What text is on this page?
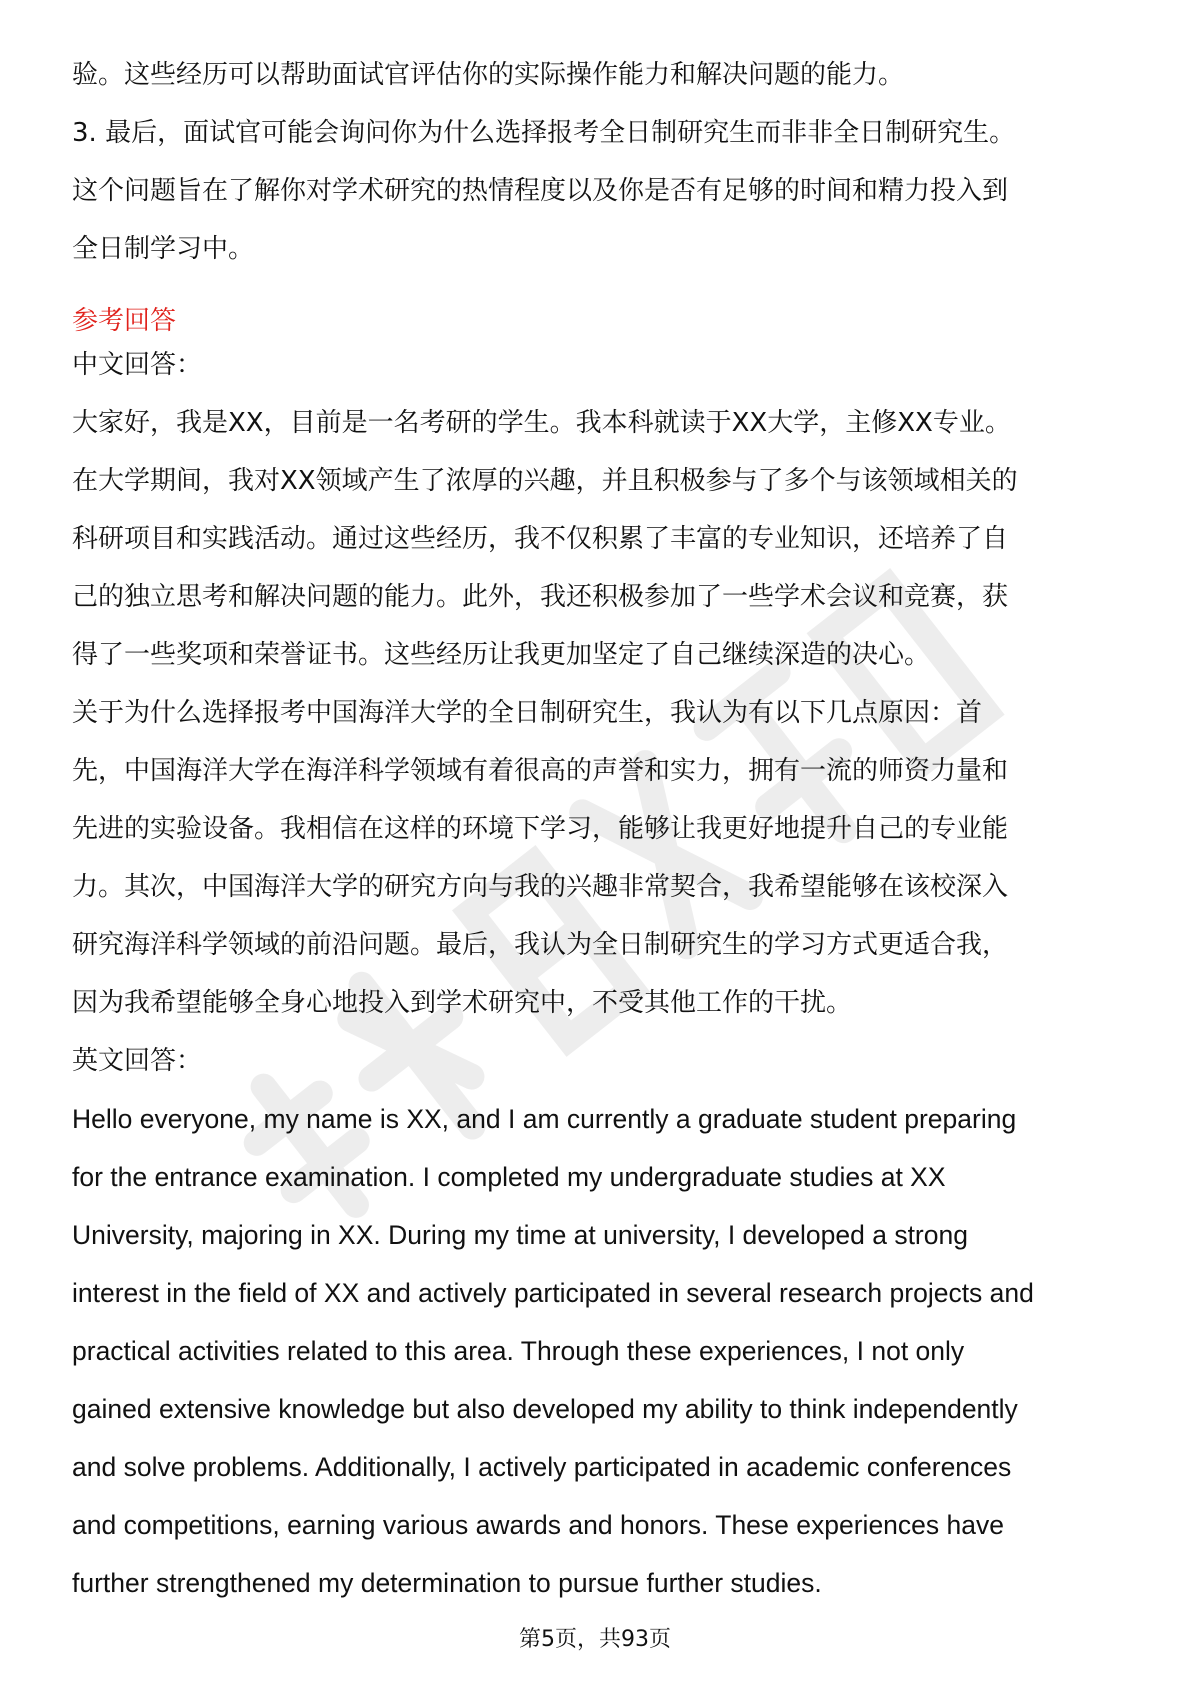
验。这些经历可以帮助面试官评估你的实际操作能力和解决问题的能力。

3. 最后，面试官可能会询问你为什么选择报考全日制研究生而非非全日制研究生。

这个问题旨在了解你对学术研究的热情程度以及你是否有足够的时间和精力投入到

全日制学习中。

参考回答

中文回答：

大家好，我是XX，目前是一名考研的学生。我本科就读于XX大学，主修XX专业。

在大学期间，我对XX领域产生了浓厚的兴趣，并且积极参与了多个与该领域相关的

科研项目和实践活动。通过这些经历，我不仅积累了丰富的专业知识，还培养了自

己的独立思考和解决问题的能力。此外，我还积极参加了一些学术会议和竞赛，获

得了一些奖项和荣誉证书。这些经历让我更加坚定了自己继续深造的决心。

关于为什么选择报考中国海洋大学的全日制研究生，我认为有以下几点原因：首

先，中国海洋大学在海洋科学领域有着很高的声誉和实力，拥有一流的师资力量和

先进的实验设备。我相信在这样的环境下学习，能够让我更好地提升自己的专业能

力。其次，中国海洋大学的研究方向与我的兴趣非常契合，我希望能够在该校深入

研究海洋科学领域的前沿问题。最后，我认为全日制研究生的学习方式更适合我，

因为我希望能够全身心地投入到学术研究中，不受其他工作的干扰。

英文回答：

Hello everyone, my name is XX, and I am currently a graduate student preparing

for the entrance examination. I completed my undergraduate studies at XX

University, majoring in XX. During my time at university, I developed a strong

interest in the field of XX and actively participated in several research projects and

practical activities related to this area. Through these experiences, I not only

gained extensive knowledge but also developed my ability to think independently

and solve problems. Additionally, I actively participated in academic conferences

and competitions, earning various awards and honors. These experiences have

further strengthened my determination to pursue further studies.

第5页，共93页
